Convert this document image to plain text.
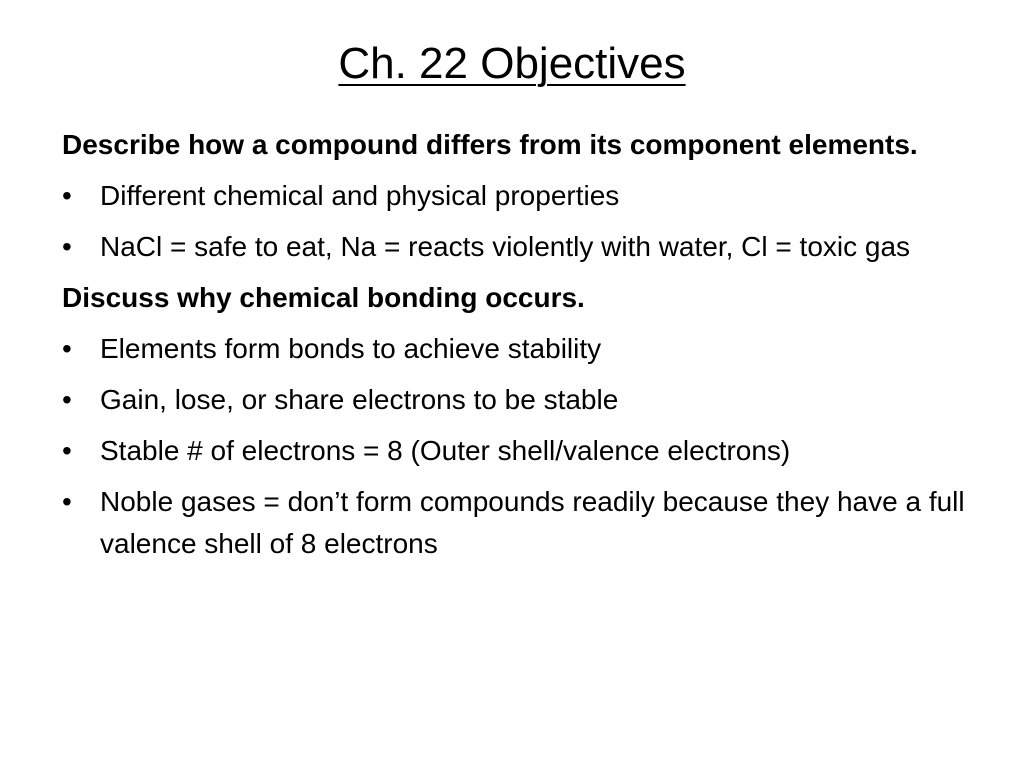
Ch. 22 Objectives

Describe how a compound differs from its component elements.

•	Different chemical and physical properties
•	NaCl = safe to eat, Na = reacts violently with water, Cl = toxic gas

Discuss why chemical bonding occurs.

•	Elements form bonds to achieve stability
•	Gain, lose, or share electrons to be stable
•	Stable # of electrons = 8 (Outer shell/valence electrons)
•	Noble gases = don’t form compounds readily because they have a full valence shell of 8 electrons
